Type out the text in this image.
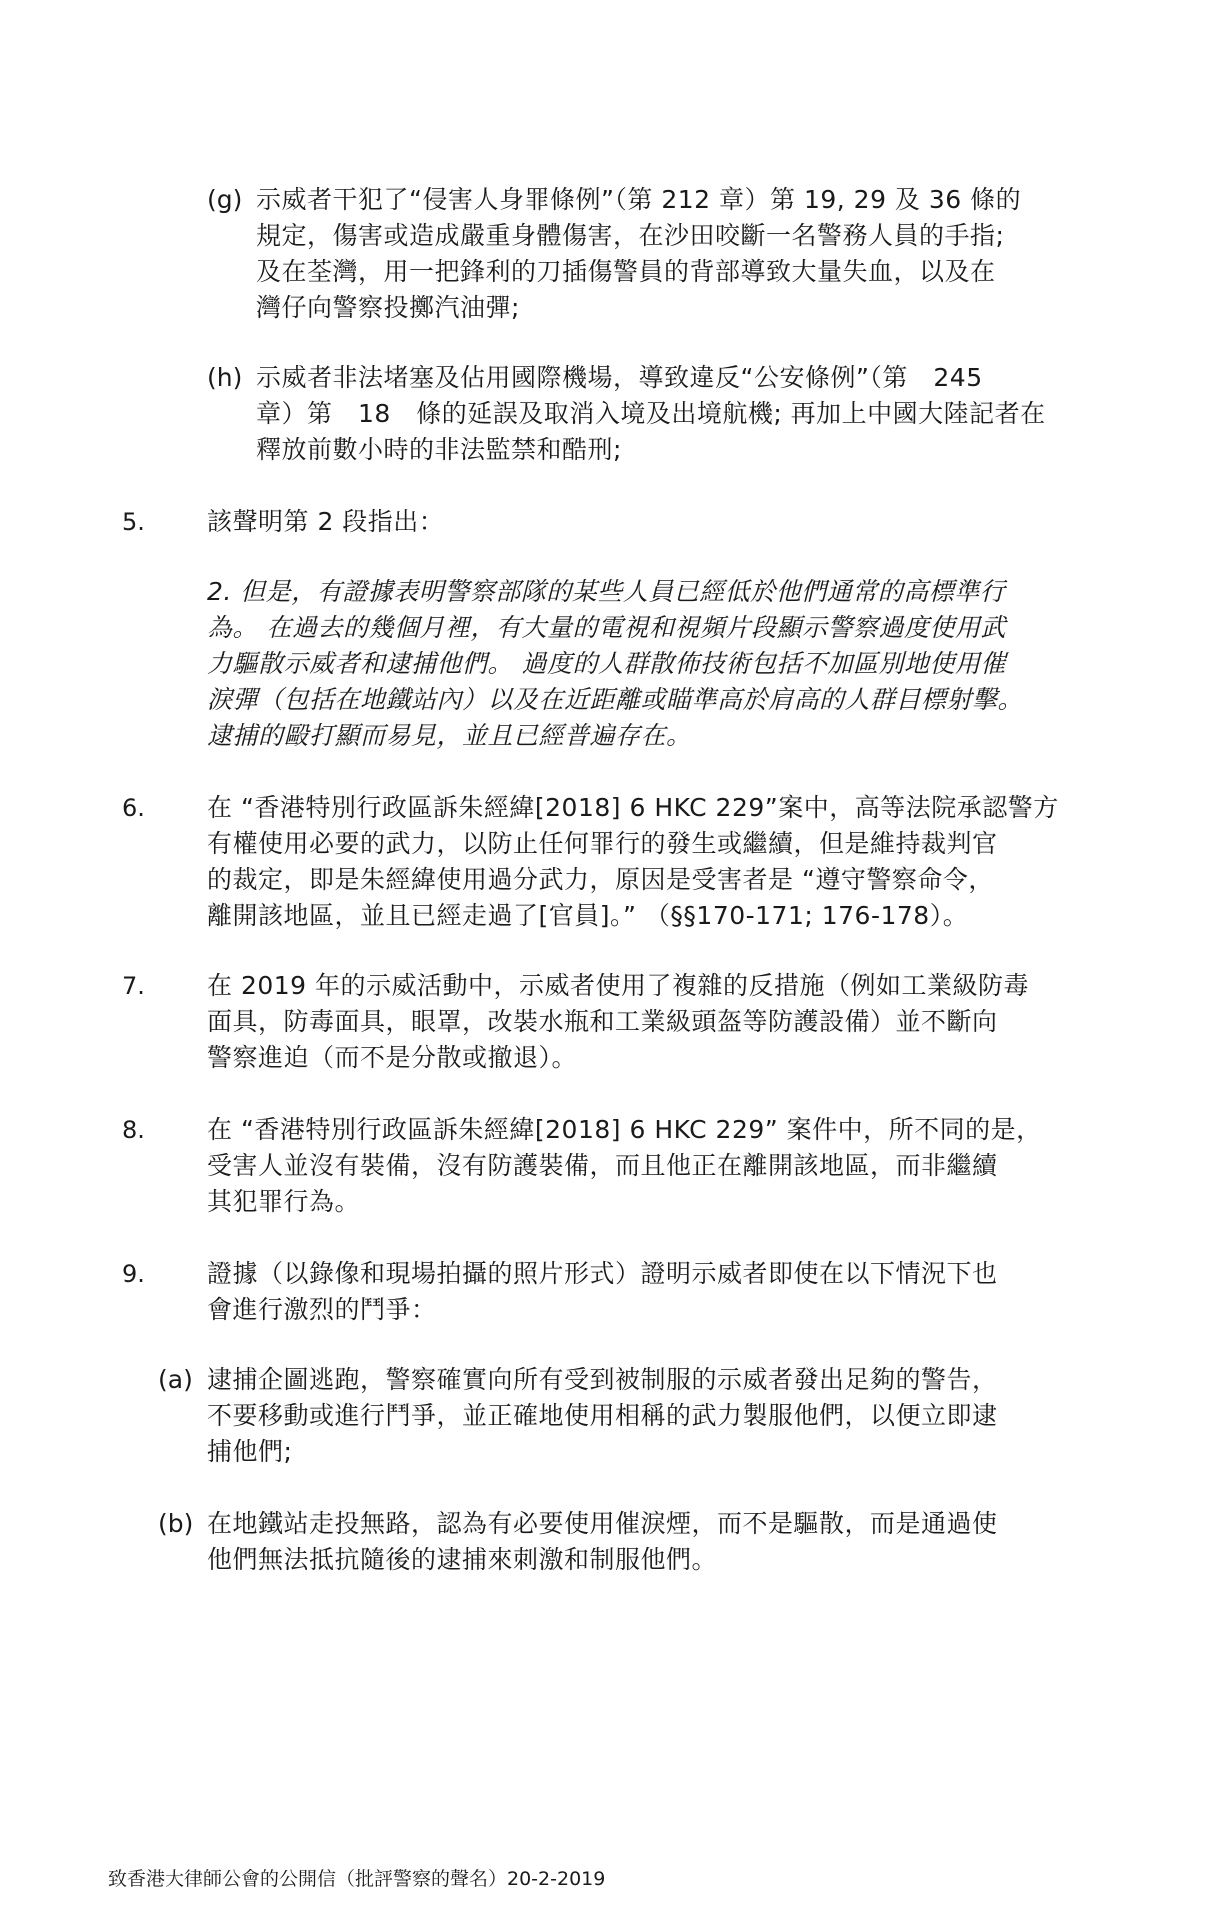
(g) 示威者干犯了“侵害人身罪條例”（第 212 章）第 19, 29 及 36 條的
規定，傷害或造成嚴重身體傷害，在沙田咬斷一名警務人員的手指;
及在荃灣，用一把鋒利的刀插傷警員的背部導致大量失血，以及在
灣仔向警察投擲汽油彈;
(h) 示威者非法堵塞及佔用國際機場，導致違反“公安條例”（第　245
章）第　18　條的延誤及取消入境及出境航機; 再加上中國大陸記者在
釋放前數小時的非法監禁和酷刑;
5. 該聲明第 2 段指出：
2. 但是，有證據表明警察部隊的某些人員已經低於他們通常的高標準行
為。 在過去的幾個月裡，有大量的電視和視頻片段顯示警察過度使用武
力驅散示威者和逮捕他們。 過度的人群散佈技術包括不加區別地使用催
淚彈（包括在地鐵站內）以及在近距離或瞄準高於肩高的人群目標射擊。
逮捕的毆打顯而易見，並且已經普遍存在。
6. 在 “香港特別行政區訴朱經緯[2018] 6 HKC 229”案中，高等法院承認警方
有權使用必要的武力，以防止任何罪行的發生或繼續，但是維持裁判官
的裁定，即是朱經緯使用過分武力，原因是受害者是 “遵守警察命令，
離開該地區，並且已經走過了[官員]。” （§§170-171; 176-178）。
7. 在 2019 年的示威活動中，示威者使用了複雜的反措施（例如工業級防毒
面具，防毒面具，眼罩，改裝水瓶和工業級頭盔等防護設備）並不斷向
警察進迫（而不是分散或撤退）。
8. 在 “香港特別行政區訴朱經緯[2018] 6 HKC 229” 案件中，所不同的是，
受害人並沒有裝備，沒有防護裝備，而且他正在離開該地區，而非繼續
其犯罪行為。
9. 證據（以錄像和現場拍攝的照片形式）證明示威者即使在以下情況下也
會進行激烈的鬥爭：
(a) 逮捕企圖逃跑，警察確實向所有受到被制服的示威者發出足夠的警告，
不要移動或進行鬥爭，並正確地使用相稱的武力製服他們，以便立即逮
捕他們;
(b) 在地鐵站走投無路，認為有必要使用催淚煙，而不是驅散，而是通過使
他們無法抵抗隨後的逮捕來刺激和制服他們。
致香港大律師公會的公開信（批評警察的聲名）20-2-2019
